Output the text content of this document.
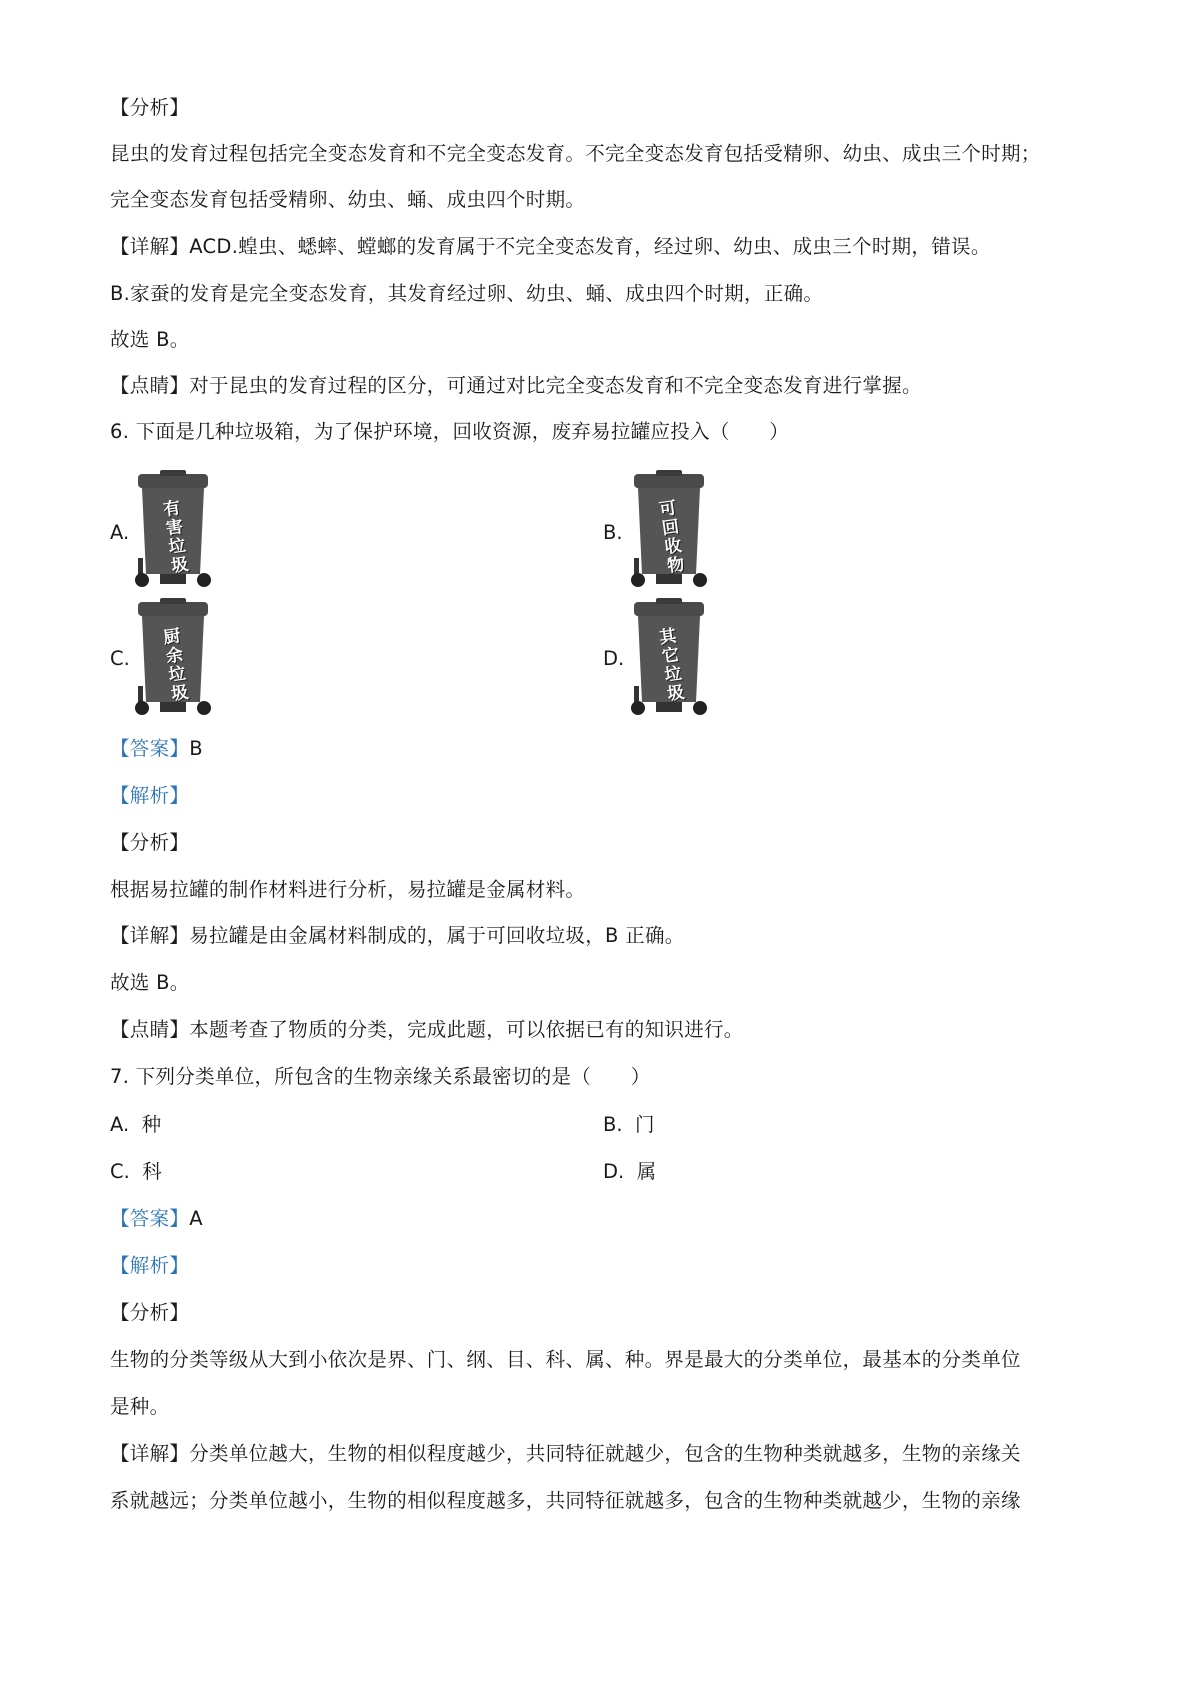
【分析】
昆虫的发育过程包括完全变态发育和不完全变态发育。不完全变态发育包括受精卵、幼虫、成虫三个时期；
完全变态发育包括受精卵、幼虫、蛹、成虫四个时期。
【详解】ACD.蝗虫、蟋蟀、螳螂的发育属于不完全变态发育，经过卵、幼虫、成虫三个时期，错误。
B.家蚕的发育是完全变态发育，其发育经过卵、幼虫、蛹、成虫四个时期，正确。
故选 B。
【点睛】对于昆虫的发育过程的区分，可通过对比完全变态发育和不完全变态发育进行掌握。
6. 下面是几种垃圾箱，为了保护环境，回收资源，废弃易拉罐应投入（　　）
A.
有
害
垃
圾
B.
可
回
收
物
C.
厨
余
垃
圾
D.
其
它
垃
圾
【答案】B
【解析】
【分析】
根据易拉罐的制作材料进行分析，易拉罐是金属材料。
【详解】易拉罐是由金属材料制成的，属于可回收垃圾，B 正确。
故选 B。
【点睛】本题考查了物质的分类，完成此题，可以依据已有的知识进行。
7. 下列分类单位，所包含的生物亲缘关系最密切的是（　　）
A. 种	B. 门
C. 科	D. 属
【答案】A
【解析】
【分析】
生物的分类等级从大到小依次是界、门、纲、目、科、属、种。界是最大的分类单位，最基本的分类单位
是种。
【详解】分类单位越大，生物的相似程度越少，共同特征就越少，包含的生物种类就越多，生物的亲缘关
系就越远；分类单位越小，生物的相似程度越多，共同特征就越多，包含的生物种类就越少，生物的亲缘
